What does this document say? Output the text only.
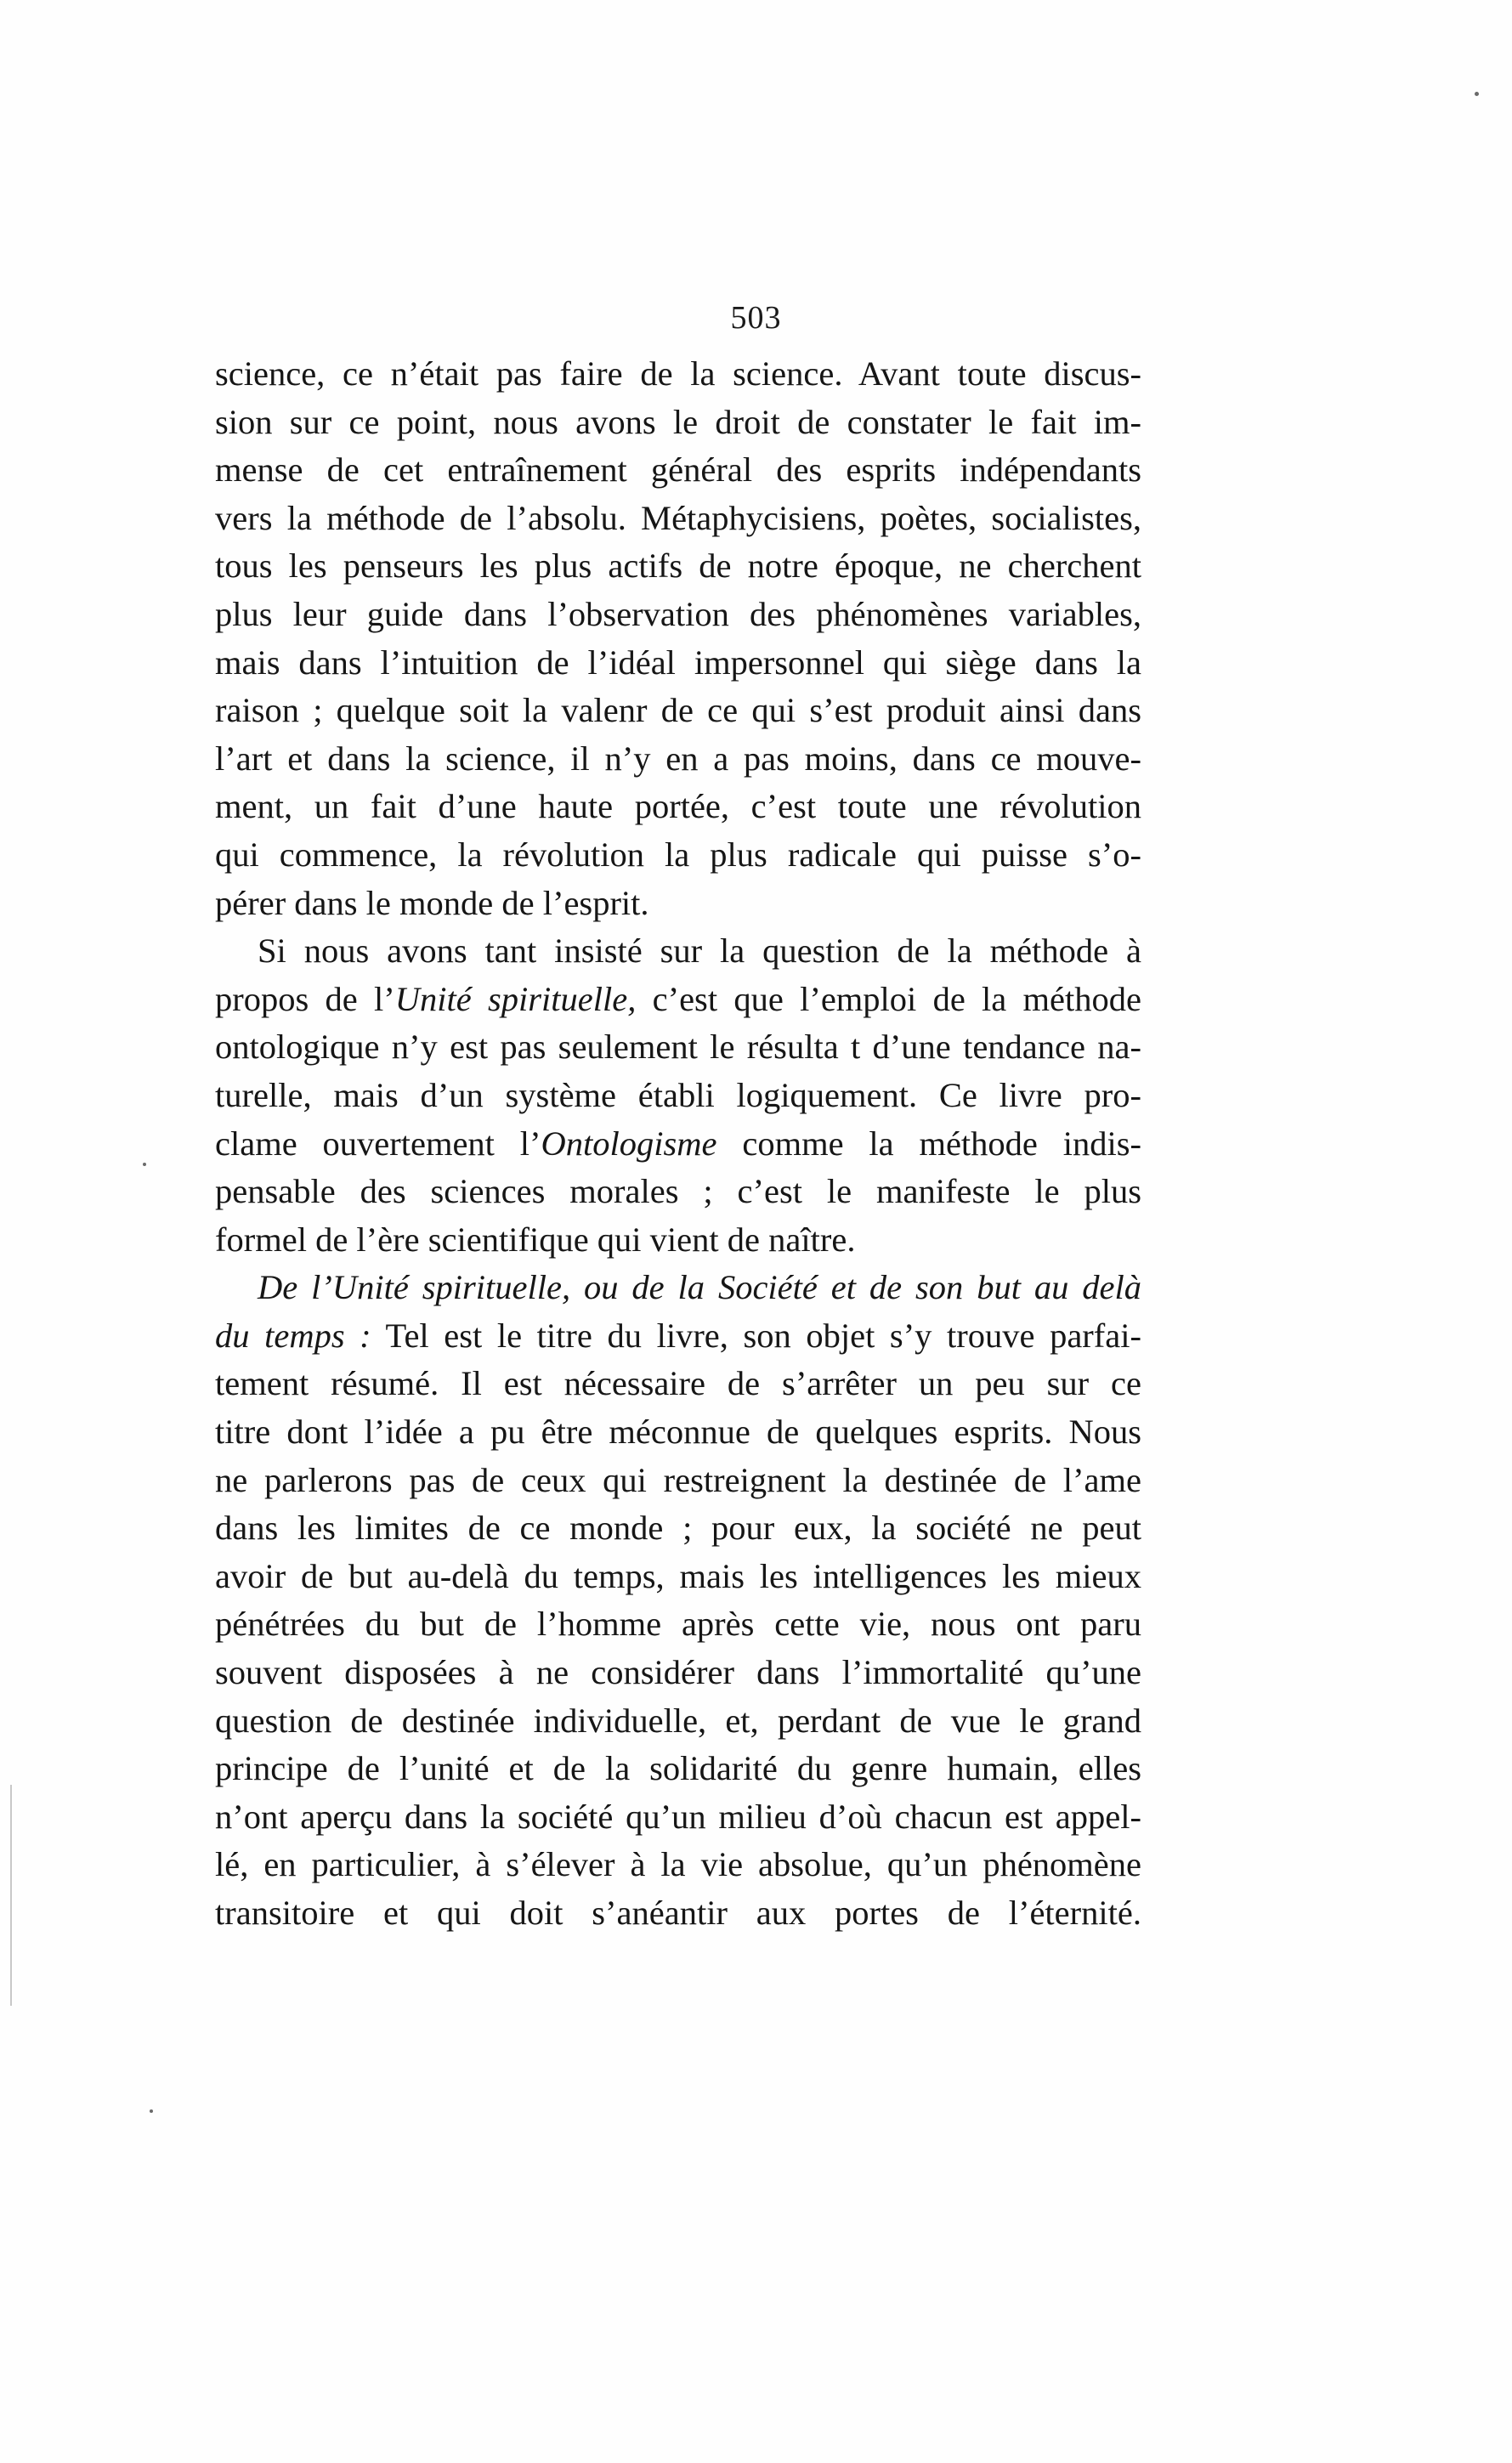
503
science, ce n’était pas faire de la science. Avant toute discus-
sion sur ce point, nous avons le droit de constater le fait im-
mense de cet entraînement général des esprits indépendants
vers la méthode de l’absolu. Métaphycisiens, poètes, socialistes,
tous les penseurs les plus actifs de notre époque, ne cherchent
plus leur guide dans l’observation des phénomènes variables,
mais dans l’intuition de l’idéal impersonnel qui siège dans la
raison ; quelque soit la valenr de ce qui s’est produit ainsi dans
l’art et dans la science, il n’y en a pas moins, dans ce mouve-
ment, un fait d’une haute portée, c’est toute une révolution
qui commence, la révolution la plus radicale qui puisse s’o-
pérer dans le monde de l’esprit.
Si nous avons tant insisté sur la question de la méthode à
propos de l’Unité spirituelle, c’est que l’emploi de la méthode
ontologique n’y est pas seulement le résulta t d’une tendance na-
turelle, mais d’un système établi logiquement. Ce livre pro-
clame ouvertement l’Ontologisme comme la méthode indis-
pensable des sciences morales ; c’est le manifeste le plus
formel de l’ère scientifique qui vient de naître.
De l’Unité spirituelle, ou de la Société et de son but au delà
du temps : Tel est le titre du livre, son objet s’y trouve parfai-
tement résumé. Il est nécessaire de s’arrêter un peu sur ce
titre dont l’idée a pu être méconnue de quelques esprits. Nous
ne parlerons pas de ceux qui restreignent la destinée de l’ame
dans les limites de ce monde ; pour eux, la société ne peut
avoir de but au-delà du temps, mais les intelligences les mieux
pénétrées du but de l’homme après cette vie, nous ont paru
souvent disposées à ne considérer dans l’immortalité qu’une
question de destinée individuelle, et, perdant de vue le grand
principe de l’unité et de la solidarité du genre humain, elles
n’ont aperçu dans la société qu’un milieu d’où chacun est appel-
lé, en particulier, à s’élever à la vie absolue, qu’un phénomène
transitoire et qui doit s’anéantir aux portes de l’éternité.
